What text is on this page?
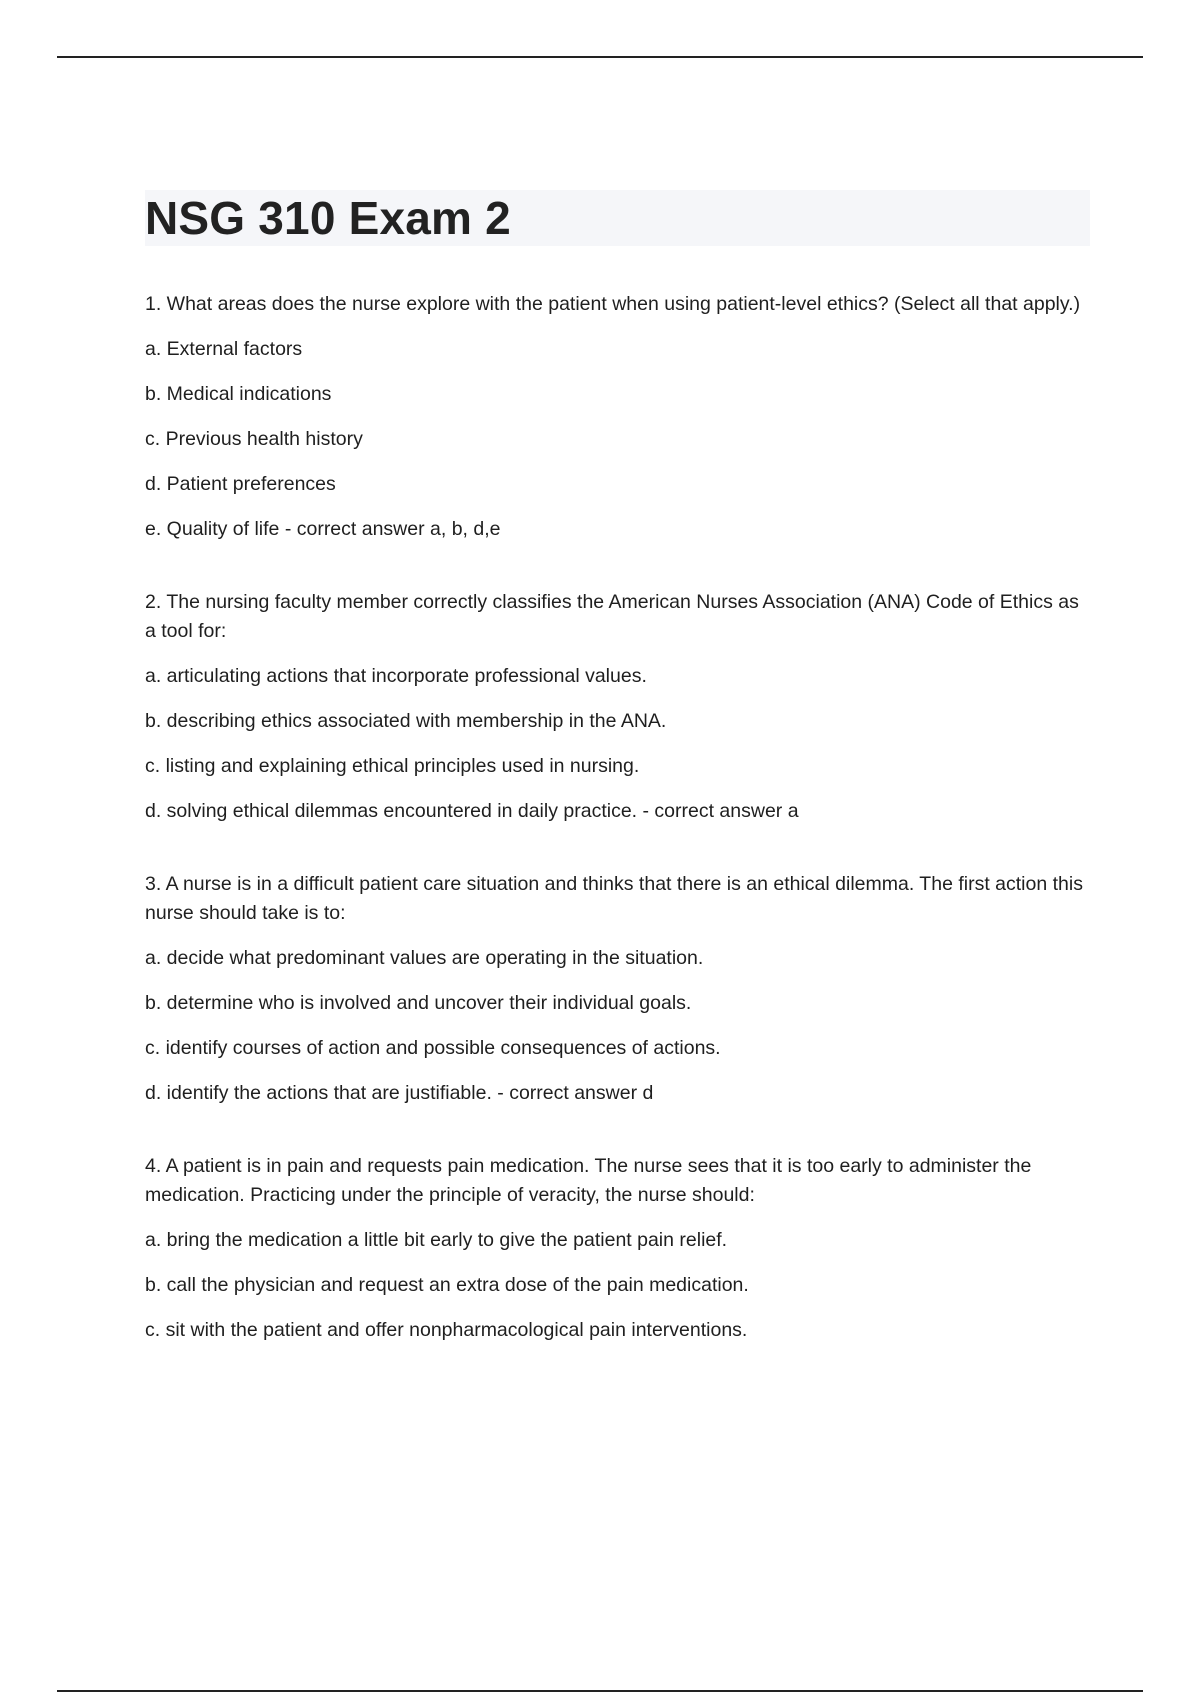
NSG 310 Exam 2

1. What areas does the nurse explore with the patient when using patient-level ethics? (Select all that apply.)

a. External factors

b. Medical indications

c. Previous health history

d. Patient preferences

e. Quality of life - correct answer a, b, d,e

2. The nursing faculty member correctly classifies the American Nurses Association (ANA) Code of Ethics as a tool for:

a. articulating actions that incorporate professional values.

b. describing ethics associated with membership in the ANA.

c. listing and explaining ethical principles used in nursing.

d. solving ethical dilemmas encountered in daily practice. - correct answer a

3. A nurse is in a difficult patient care situation and thinks that there is an ethical dilemma. The first action this nurse should take is to:

a. decide what predominant values are operating in the situation.

b. determine who is involved and uncover their individual goals.

c. identify courses of action and possible consequences of actions.

d. identify the actions that are justifiable. - correct answer d

4. A patient is in pain and requests pain medication. The nurse sees that it is too early to administer the medication. Practicing under the principle of veracity, the nurse should:

a. bring the medication a little bit early to give the patient pain relief.

b. call the physician and request an extra dose of the pain medication.

c. sit with the patient and offer nonpharmacological pain interventions.
